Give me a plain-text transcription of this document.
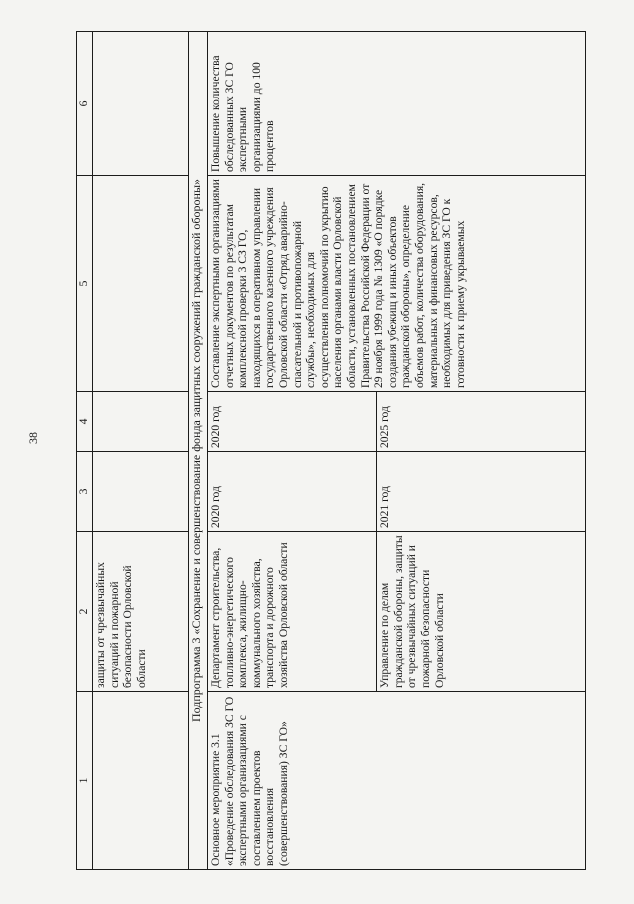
38
1	2	3	4	5	6
	защиты от чрезвычайных ситуаций и пожарной безопасности Орловской области				
Подпрограмма 3 «Сохранение и совершенствование фонда защитных сооружений гражданской обороны»					
Основное мероприятие 3.1 «Проведение обследования ЗС ГО экспертными организациями с составлением проектов восстановления (совершенствования) ЗС ГО»	Департамент строительства, топливно-энергетического комплекса, жилищно-коммунального хозяйства, транспорта и дорожного хозяйства Орловской области	2020 год	2020 год	Составление экспертными организациями отчетных документов по результатам комплексной проверки 3 СЗ ГО, находящихся в оперативном управлении государственного казенного учреждения Орловской области «Отряд аварийно-спасательной и противопожарной службы», необходимых для осуществления полномочий по укрытию населения органами власти Орловской области, установленных постановлением Правительства Российской Федерации от 29 ноября 1999 года № 1309 «О порядке создания убежищ и иных объектов гражданской обороны», определение объемов работ, количества оборудования, материальных и финансовых ресурсов, необходимых для приведения ЗС ГО к готовности к приему укрываемых	Повышение количества обследованных ЗС ГО экспертными организациями до 100 процентов
	Управление по делам гражданской обороны, защиты от чрезвычайных ситуаций и пожарной безопасности Орловской области	2021 год	2025 год		
